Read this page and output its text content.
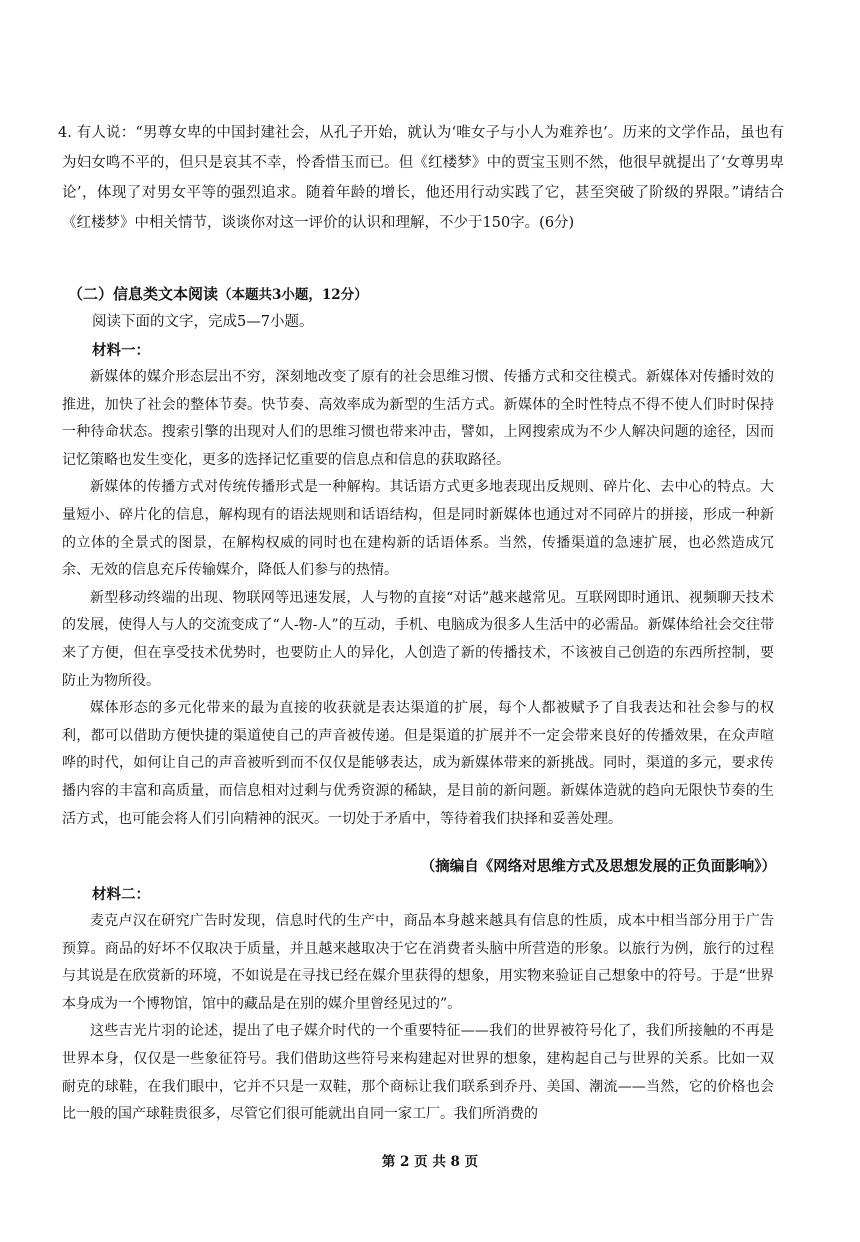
4. 有人说：“男尊女卑的中国封建社会，从孔子开始，就认为‘唯女子与小人为难养也’。历来的文学作品，虽也有为妇女鸣不平的，但只是哀其不幸，怜香惜玉而已。但《红楼梦》中的贾宝玉则不然，他很早就提出了‘女尊男卑论’，体现了对男女平等的强烈追求。随着年龄的增长，他还用行动实践了它，甚至突破了阶级的界限。”请结合《红楼梦》中相关情节，谈谈你对这一评价的认识和理解，不少于150字。(6分)
（二）信息类文本阅读（本题共3小题，12分）
阅读下面的文字，完成5—7小题。
材料一：

新媒体的媒介形态层出不穷，深刻地改变了原有的社会思维习惯、传播方式和交往模式。新媒体对传播时效的推进，加快了社会的整体节奏。快节奏、高效率成为新型的生活方式。新媒体的全时性特点不得不使人们时时保持一种待命状态。搜索引擎的出现对人们的思维习惯也带来冲击，譬如，上网搜索成为不少人解决问题的途径，因而记忆策略也发生变化，更多的选择记忆重要的信息点和信息的获取路径。

新媒体的传播方式对传统传播形式是一种解构。其话语方式更多地表现出反规则、碎片化、去中心的特点。大量短小、碎片化的信息，解构现有的语法规则和话语结构，但是同时新媒体也通过对不同碎片的拼接，形成一种新的立体的全景式的图景，在解构权威的同时也在建构新的话语体系。当然，传播渠道的急速扩展，也必然造成冗余、无效的信息充斥传输媒介，降低人们参与的热情。

新型移动终端的出现、物联网等迅速发展，人与物的直接“对话”越来越常见。互联网即时通讯、视频聊天技术的发展，使得人与人的交流变成了“人-物-人”的互动，手机、电脑成为很多人生活中的必需品。新媒体给社会交往带来了方便，但在享受技术优势时，也要防止人的异化，人创造了新的传播技术，不该被自己创造的东西所控制，要防止为物所役。

媒体形态的多元化带来的最为直接的收获就是表达渠道的扩展，每个人都被赋予了自我表达和社会参与的权利，都可以借助方便快捷的渠道使自己的声音被传递。但是渠道的扩展并不一定会带来良好的传播效果，在众声喧哗的时代，如何让自己的声音被听到而不仅仅是能够表达，成为新媒体带来的新挑战。同时，渠道的多元，要求传播内容的丰富和高质量，而信息相对过剩与优秀资源的稀缺，是目前的新问题。新媒体造就的趋向无限快节奏的生活方式，也可能会将人们引向精神的泯灭。一切处于矛盾中，等待着我们抉择和妥善处理。

（摘编自《网络对思维方式及思想发展的正负面影响》）
材料二：

麦克卢汉在研究广告时发现，信息时代的生产中，商品本身越来越具有信息的性质，成本中相当部分用于广告预算。商品的好坏不仅取决于质量，并且越来越取决于它在消费者头脑中所营造的形象。以旅行为例，旅行的过程与其说是在欣赏新的环境，不如说是在寻找已经在媒介里获得的想象，用实物来验证自己想象中的符号。于是“世界本身成为一个博物馆，馆中的藏品是在别的媒介里曾经见过的”。

这些吉光片羽的论述，提出了电子媒介时代的一个重要特征——我们的世界被符号化了，我们所接触的不再是世界本身，仅仅是一些象征符号。我们借助这些符号来构建起对世界的想象，建构起自己与世界的关系。比如一双耐克的球鞋，在我们眼中，它并不只是一双鞋，那个商标让我们联系到乔丹、美国、潮流——当然，它的价格也会比一般的国产球鞋贵很多，尽管它们很可能就出自同一家工厂。我们所消费的

第 2 页 共 8 页
